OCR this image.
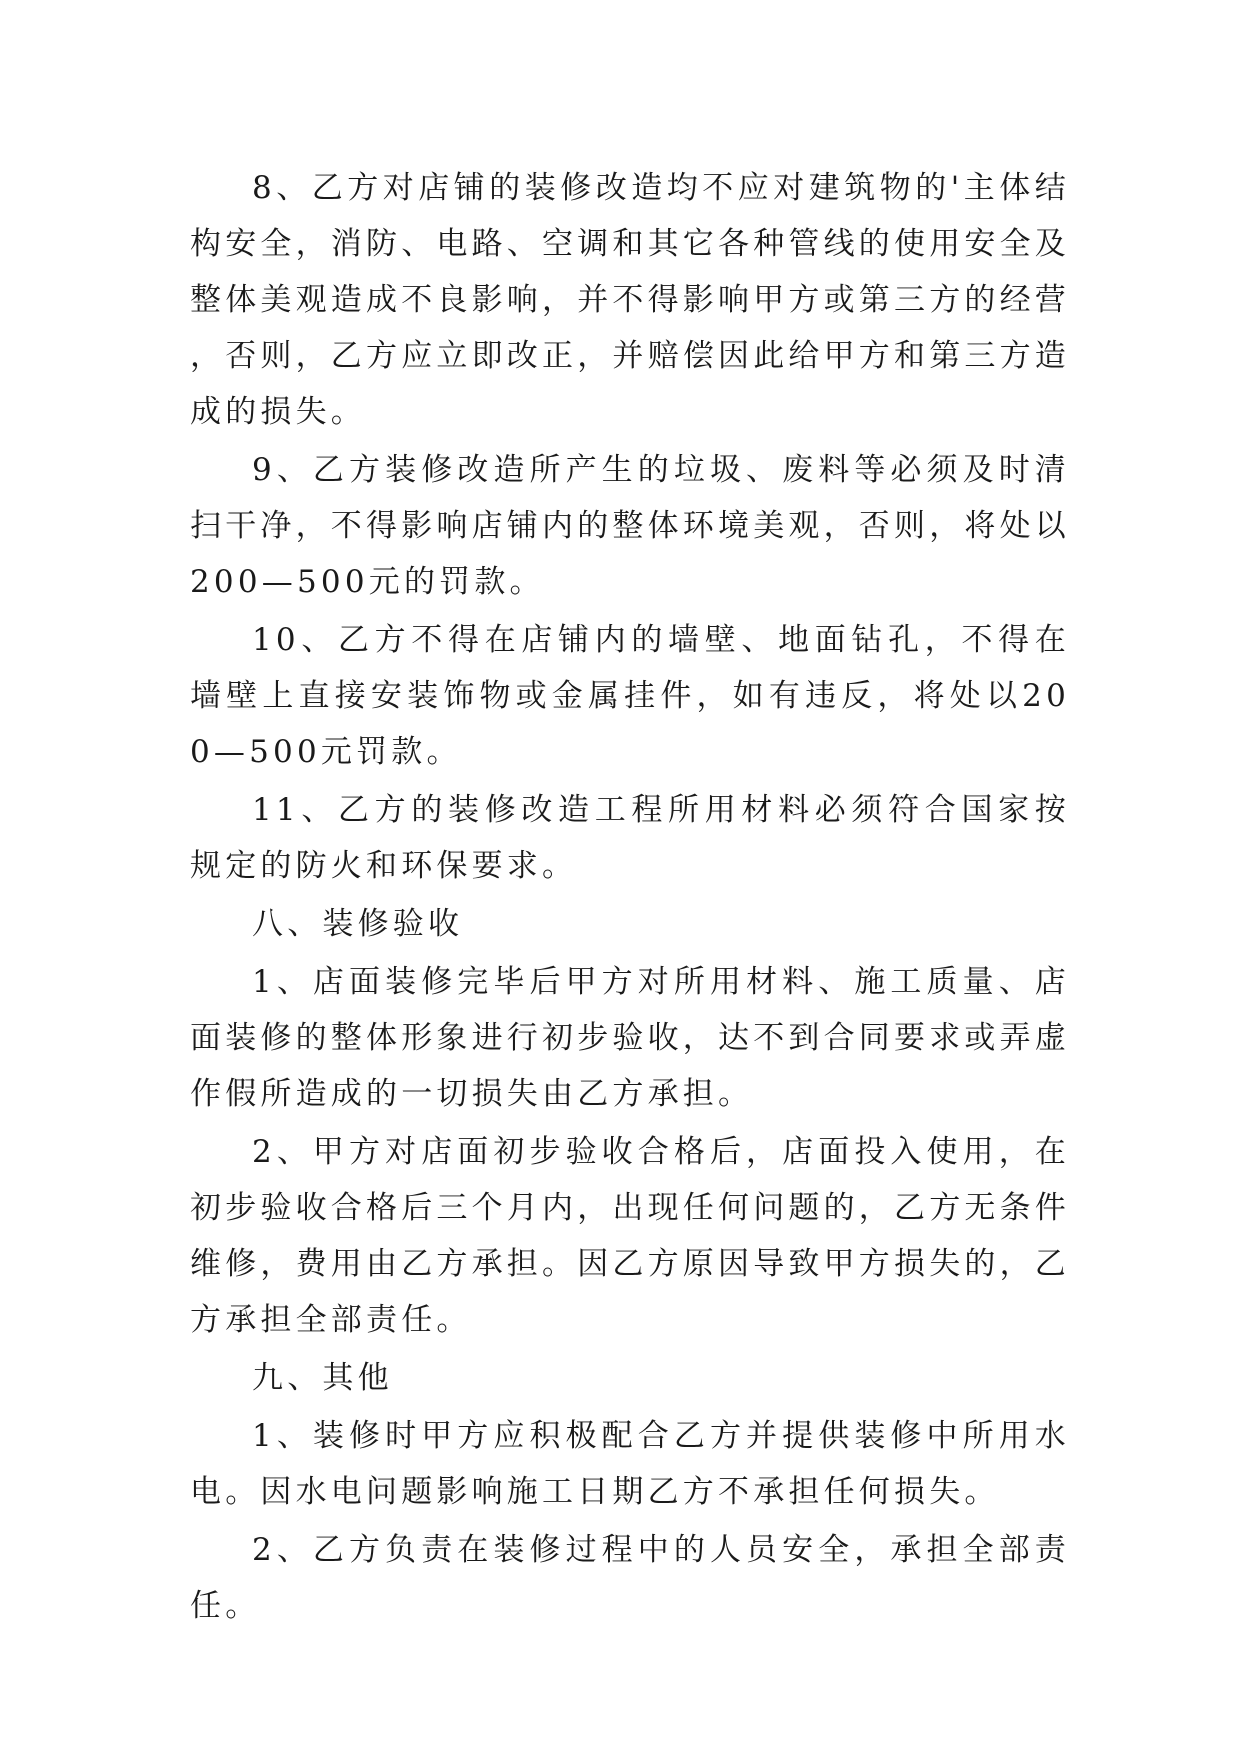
8、乙方对店铺的装修改造均不应对建筑物的'主体结构安全，消防、电路、空调和其它各种管线的使用安全及整体美观造成不良影响，并不得影响甲方或第三方的经营，否则，乙方应立即改正，并赔偿因此给甲方和第三方造成的损失。

9、乙方装修改造所产生的垃圾、废料等必须及时清扫干净，不得影响店铺内的整体环境美观，否则，将处以200—500元的罚款。

10、乙方不得在店铺内的墙壁、地面钻孔，不得在墙壁上直接安装饰物或金属挂件，如有违反，将处以200—500元罚款。

11、乙方的装修改造工程所用材料必须符合国家按规定的防火和环保要求。

八、装修验收

1、店面装修完毕后甲方对所用材料、施工质量、店面装修的整体形象进行初步验收，达不到合同要求或弄虚作假所造成的一切损失由乙方承担。

2、甲方对店面初步验收合格后，店面投入使用，在初步验收合格后三个月内，出现任何问题的，乙方无条件维修，费用由乙方承担。因乙方原因导致甲方损失的，乙方承担全部责任。

九、其他

1、装修时甲方应积极配合乙方并提供装修中所用水电。因水电问题影响施工日期乙方不承担任何损失。

2、乙方负责在装修过程中的人员安全，承担全部责任。
